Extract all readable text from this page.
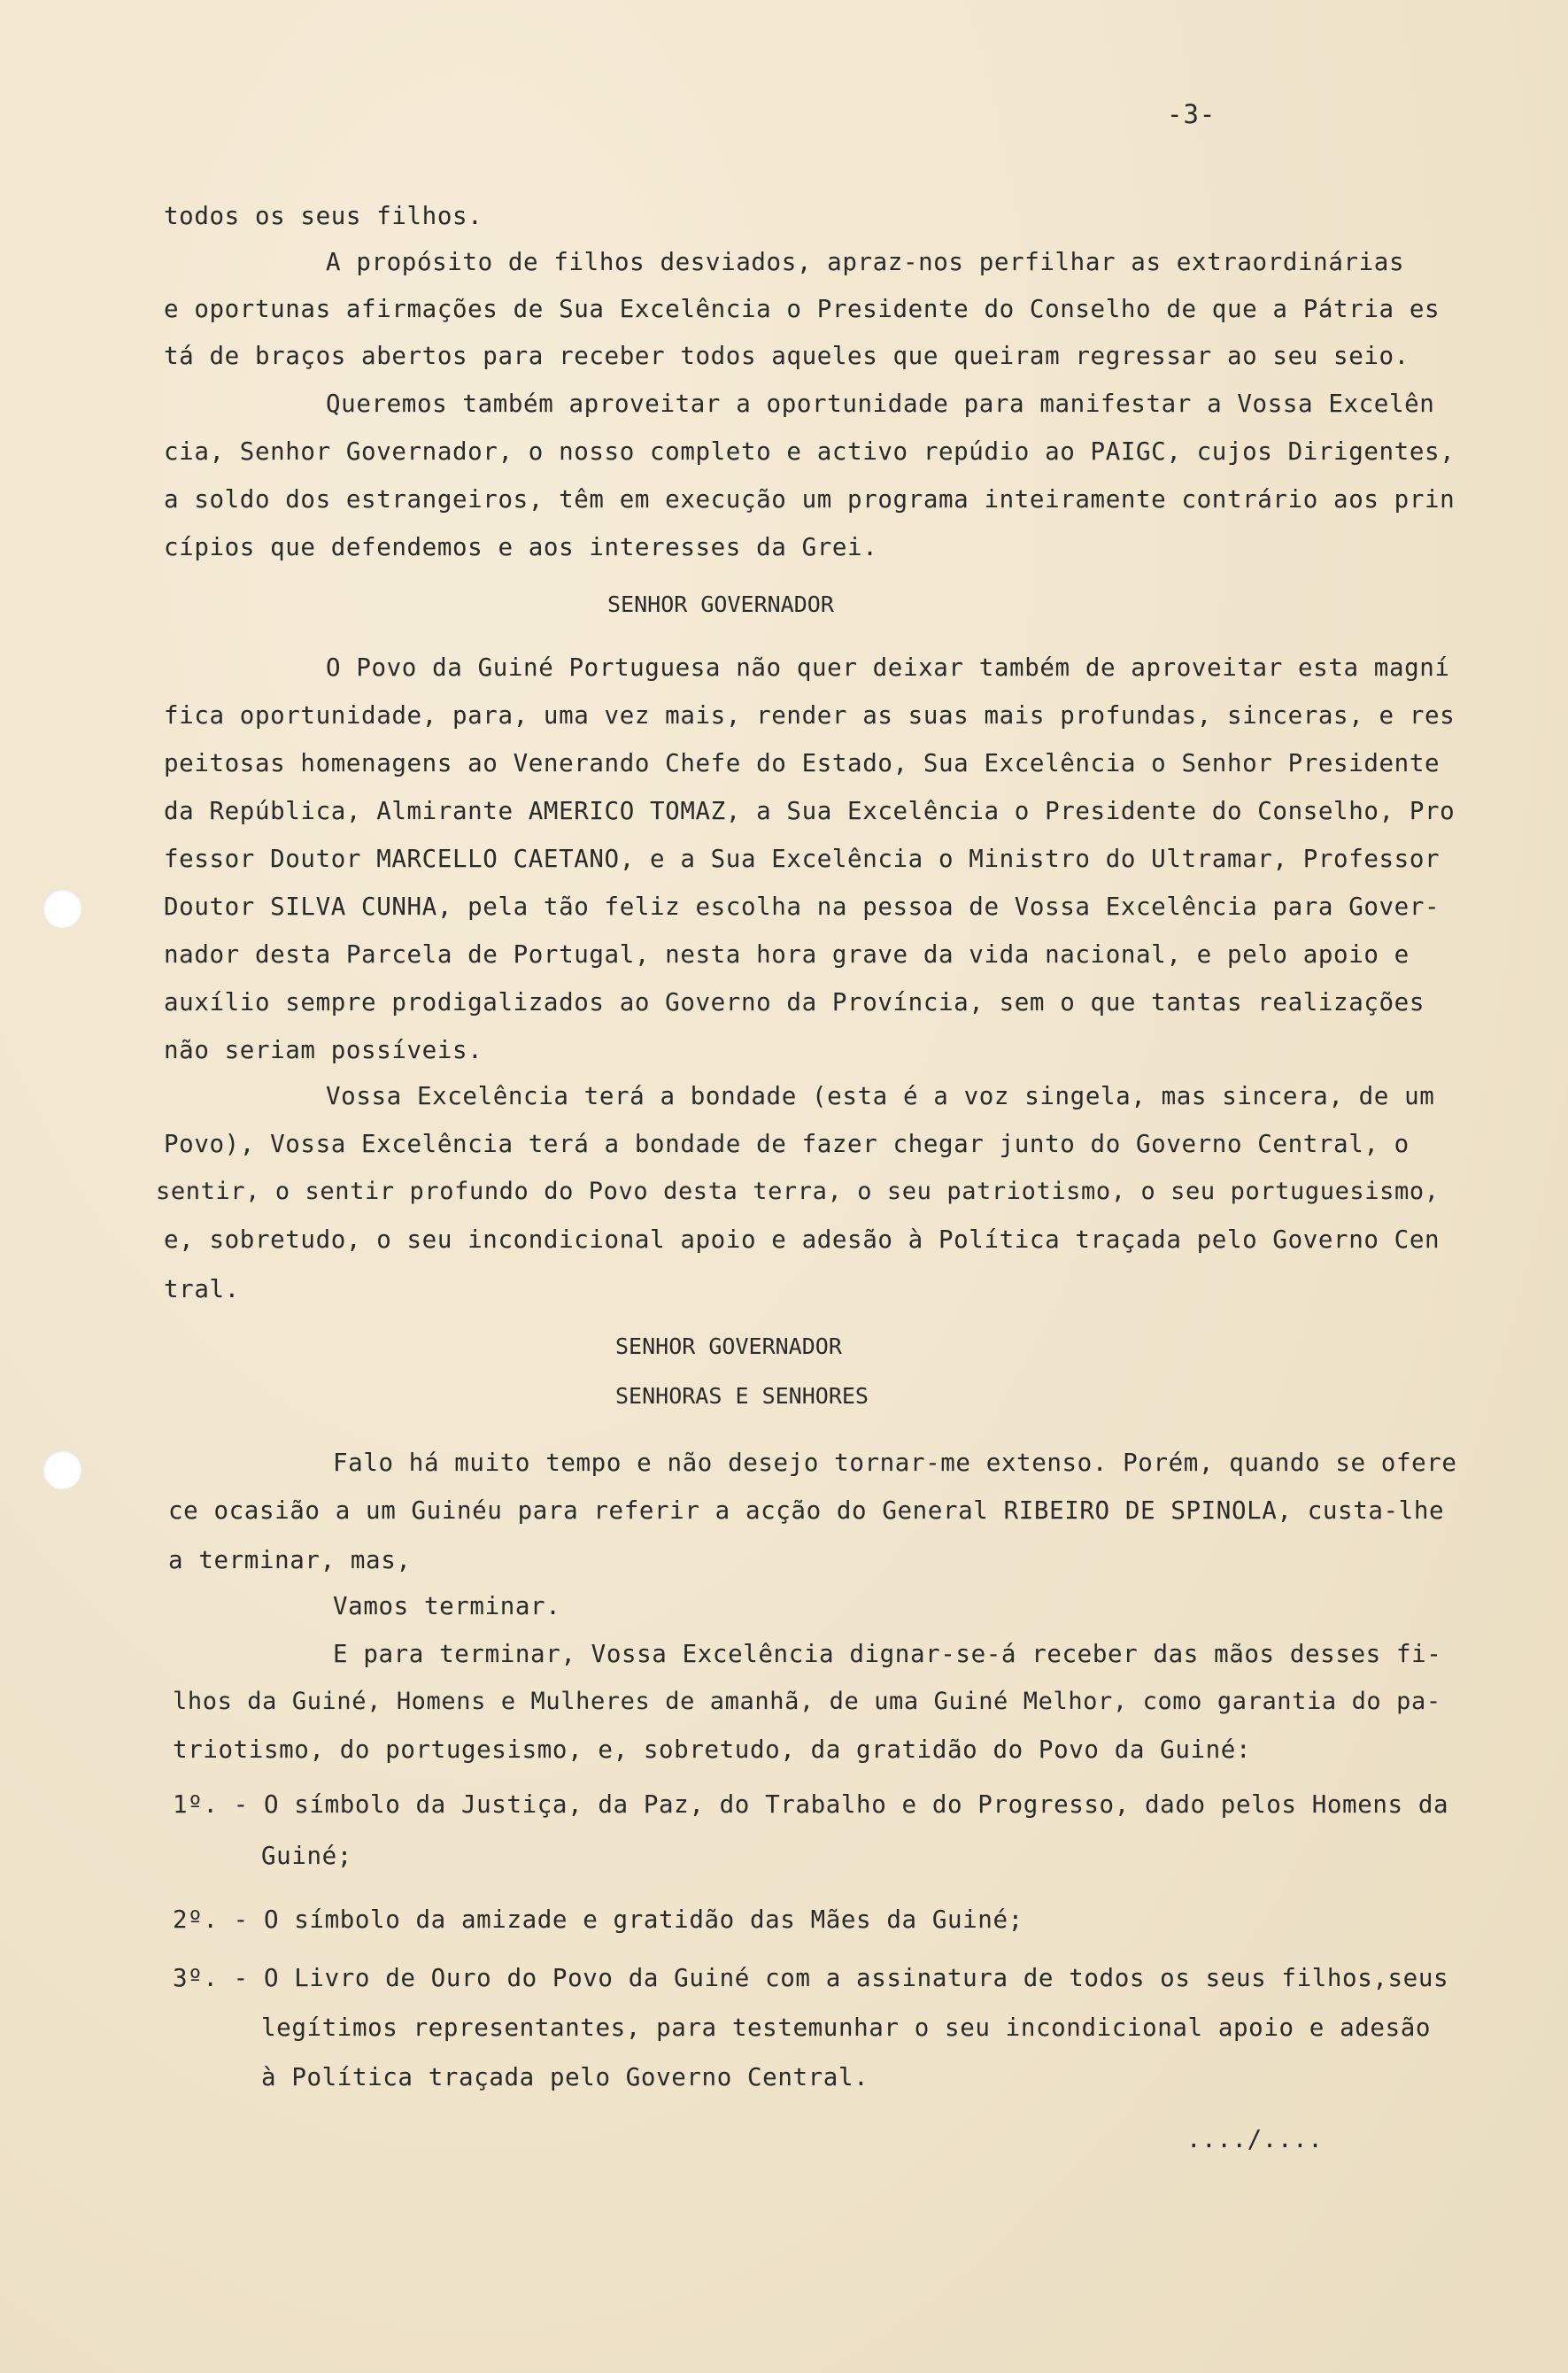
-3-
todos os seus filhos.
A propósito de filhos desviados, apraz-nos perfilhar as extraordinárias
e oportunas afirmações de Sua Excelência o Presidente do Conselho de que a Pátria es
tá de braços abertos para receber todos aqueles que queiram regressar ao seu seio.
Queremos também aproveitar a oportunidade para manifestar a Vossa Excelên
cia, Senhor Governador, o nosso completo e activo repúdio ao PAIGC, cujos Dirigentes,
a soldo dos estrangeiros, têm em execução um programa inteiramente contrário aos prin
cípios que defendemos e aos interesses da Grei.
SENHOR GOVERNADOR
O Povo da Guiné Portuguesa não quer deixar também de aproveitar esta magní
fica oportunidade, para, uma vez mais, render as suas mais profundas, sinceras, e res
peitosas homenagens ao Venerando Chefe do Estado, Sua Excelência o Senhor Presidente
da República, Almirante AMERICO TOMAZ, a Sua Excelência o Presidente do Conselho, Pro
fessor Doutor MARCELLO CAETANO, e a Sua Excelência o Ministro do Ultramar, Professor
Doutor SILVA CUNHA, pela tão feliz escolha na pessoa de Vossa Excelência para Gover-
nador desta Parcela de Portugal, nesta hora grave da vida nacional, e pelo apoio e
auxílio sempre prodigalizados ao Governo da Província, sem o que tantas realizações
não seriam possíveis.
Vossa Excelência terá a bondade (esta é a voz singela, mas sincera, de um
Povo), Vossa Excelência terá a bondade de fazer chegar junto do Governo Central, o
sentir, o sentir profundo do Povo desta terra, o seu patriotismo, o seu portuguesismo,
e, sobretudo, o seu incondicional apoio e adesão à Política traçada pelo Governo Cen
tral.
SENHOR GOVERNADOR
SENHORAS E SENHORES
Falo há muito tempo e não desejo tornar-me extenso. Porém, quando se ofere
ce ocasião a um Guinéu para referir a acção do General RIBEIRO DE SPINOLA, custa-lhe
a terminar, mas,
Vamos terminar.
E para terminar, Vossa Excelência dignar-se-á receber das mãos desses fi-
lhos da Guiné, Homens e Mulheres de amanhã, de uma Guiné Melhor, como garantia do pa-
triotismo, do portugesismo, e, sobretudo, da gratidão do Povo da Guiné:
1º. - O símbolo da Justiça, da Paz, do Trabalho e do Progresso, dado pelos Homens da
Guiné;
2º. - O símbolo da amizade e gratidão das Mães da Guiné;
3º. - O Livro de Ouro do Povo da Guiné com a assinatura de todos os seus filhos,seus
legítimos representantes, para testemunhar o seu incondicional apoio e adesão
à Política traçada pelo Governo Central.
..../....
